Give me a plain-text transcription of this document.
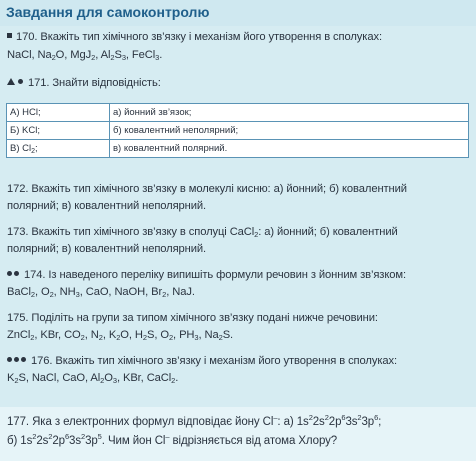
Завдання для самоконтролю
170. Вкажіть тип хімічного зв’язку і механізм його утворення в сполуках:
NaCl, $Na_2O$, MgJ$_2$, $Al_2S_3$, FeCl$_3$.
171. Знайти відповідність:
А) HCl;	а) йонний зв’язок;
Б) KCl;	б) ковалентний неполярний;
В) $Cl_2$;	в) ковалентний полярний.
172. Вкажіть тип хімічного зв’язку в молекулі кисню: а) йонний; б) ковалентний
полярний; в) ковалентний неполярний.
173. Вкажіть тип хімічного зв’язку в сполуці CaCl$_2$: а) йонний; б) ковалентний
полярний; в) ковалентний неполярний.
174. Із наведеного переліку випишіть формули речовин з йонним зв’язком:
BaCl$_2$, $O_2$, $NH_3$, CaO, NaOH, $Br_2$, NaJ.
175. Поділіть на групи за типом хімічного зв’язку подані нижче речовини:
ZnCl$_2$, KBr, $CO_2$, $N_2$, $K_2O$, $H_2S$, $O_2$, $PH_3$, $Na_2S$.
176. Вкажіть тип хімічного зв’язку і механізм його утворення в сполуках:
$K_2S$, NaCl, CaO, $Al_2O_3$, KBr, CaCl$_2$.
177. Яка з електронних формул відповідає йону Cl–: а) $1s^22s^22p^63s^23p^6$;
б) $1s^22s^22p^63s^23p^5$. Чим йон Cl– відрізняється від атома Хлору?
